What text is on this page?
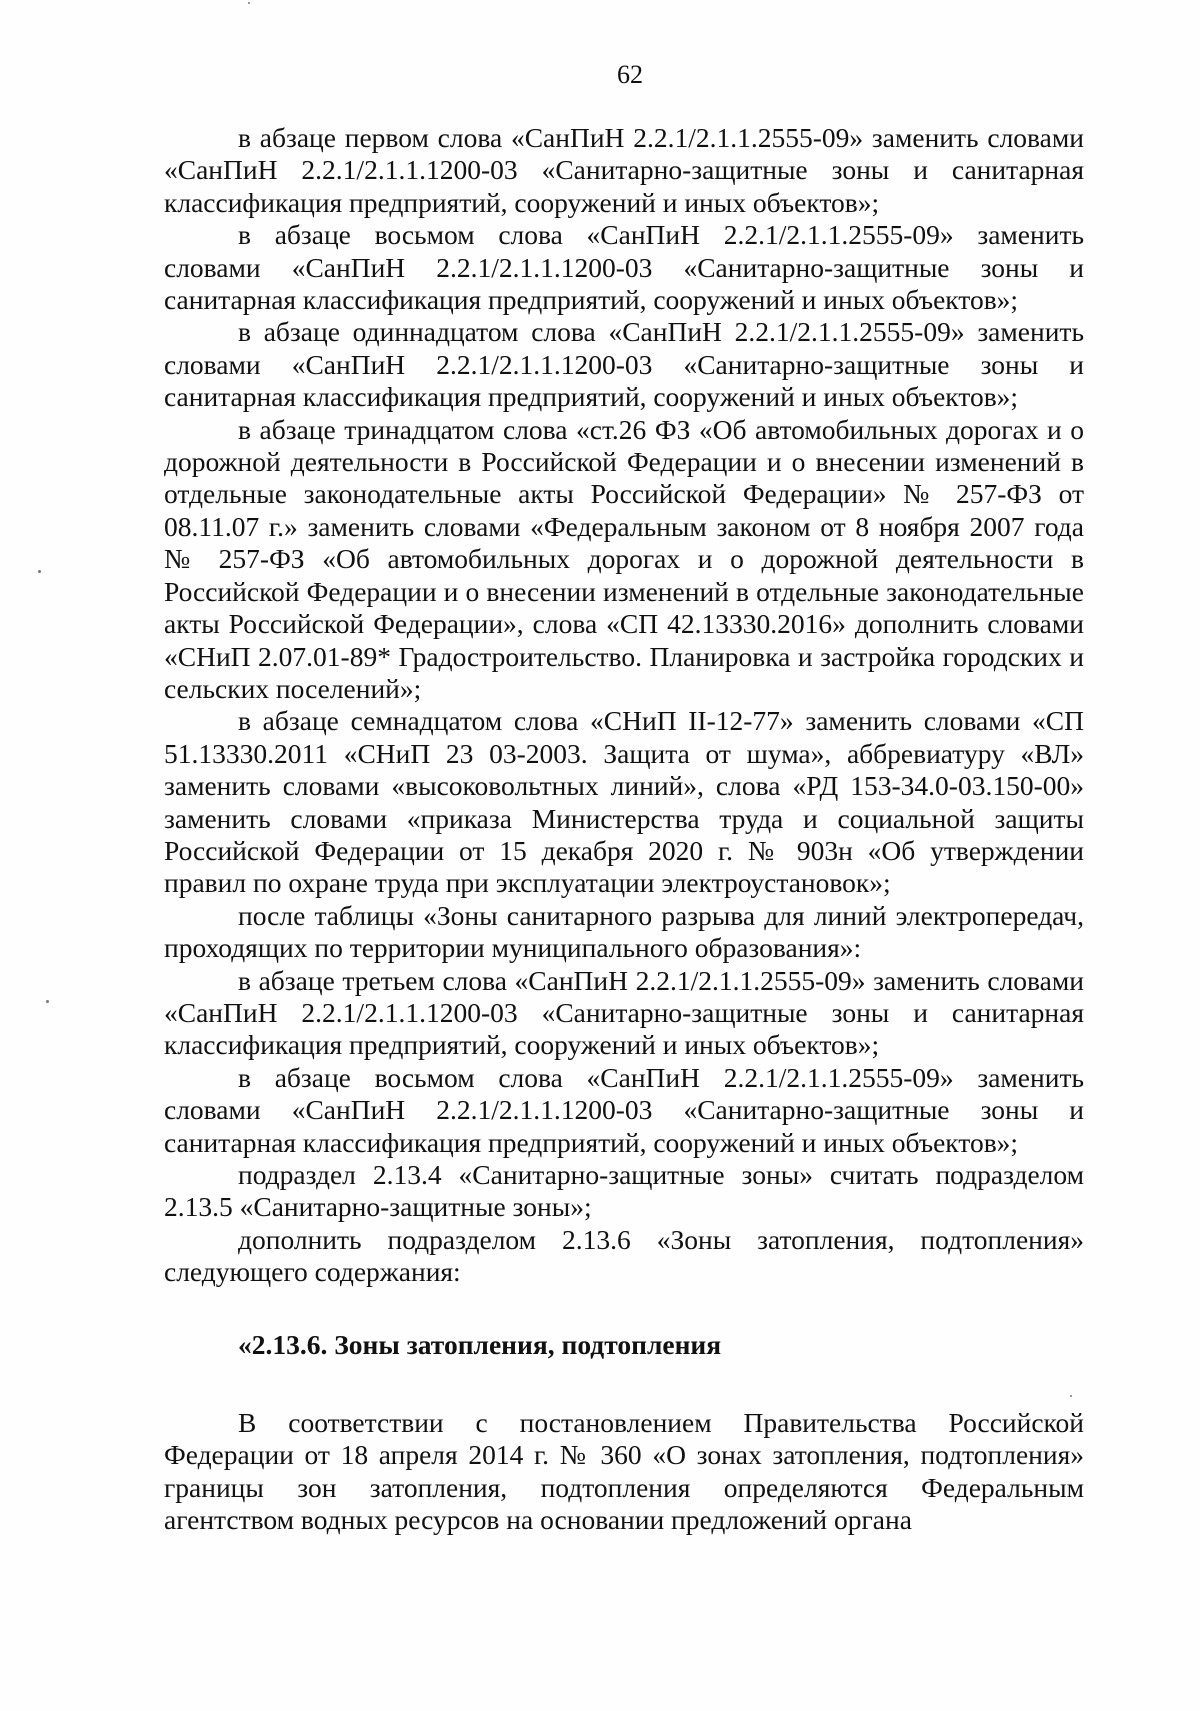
62

в абзаце первом слова «СанПиН 2.2.1/2.1.1.2555-09» заменить словами «СанПиН 2.2.1/2.1.1.1200-03 «Санитарно-защитные зоны и санитарная классификация предприятий, сооружений и иных объектов»;

в абзаце восьмом слова «СанПиН 2.2.1/2.1.1.2555-09» заменить словами «СанПиН 2.2.1/2.1.1.1200-03 «Санитарно-защитные зоны и санитарная классификация предприятий, сооружений и иных объектов»;

в абзаце одиннадцатом слова «СанПиН 2.2.1/2.1.1.2555-09» заменить словами «СанПиН 2.2.1/2.1.1.1200-03 «Санитарно-защитные зоны и санитарная классификация предприятий, сооружений и иных объектов»;

в абзаце тринадцатом слова «ст.26 ФЗ «Об автомобильных дорогах и о дорожной деятельности в Российской Федерации и о внесении изменений в отдельные законодательные акты Российской Федерации» № 257-ФЗ от 08.11.07 г.» заменить словами «Федеральным законом от 8 ноября 2007 года № 257-ФЗ «Об автомобильных дорогах и о дорожной деятельности в Российской Федерации и о внесении изменений в отдельные законодательные акты Российской Федерации», слова «СП 42.13330.2016» дополнить словами «СНиП 2.07.01-89* Градостроительство. Планировка и застройка городских и сельских поселений»;

в абзаце семнадцатом слова «СНиП II-12-77» заменить словами «СП 51.13330.2011 «СНиП 23 03-2003. Защита от шума», аббревиатуру «ВЛ» заменить словами «высоковольтных линий», слова «РД 153-34.0-03.150-00» заменить словами «приказа Министерства труда и социальной защиты Российской Федерации от 15 декабря 2020 г. № 903н «Об утверждении правил по охране труда при эксплуатации электроустановок»;

после таблицы «Зоны санитарного разрыва для линий электропередач, проходящих по территории муниципального образования»:

в абзаце третьем слова «СанПиН 2.2.1/2.1.1.2555-09» заменить словами «СанПиН 2.2.1/2.1.1.1200-03 «Санитарно-защитные зоны и санитарная классификация предприятий, сооружений и иных объектов»;

в абзаце восьмом слова «СанПиН 2.2.1/2.1.1.2555-09» заменить словами «СанПиН 2.2.1/2.1.1.1200-03 «Санитарно-защитные зоны и санитарная классификация предприятий, сооружений и иных объектов»;

подраздел 2.13.4 «Санитарно-защитные зоны» считать подразделом 2.13.5 «Санитарно-защитные зоны»;

дополнить подразделом 2.13.6 «Зоны затопления, подтопления» следующего содержания:

«2.13.6. Зоны затопления, подтопления

В соответствии с постановлением Правительства Российской Федерации от 18 апреля 2014 г. № 360 «О зонах затопления, подтопления» границы зон затопления, подтопления определяются Федеральным агентством водных ресурсов на основании предложений органа
